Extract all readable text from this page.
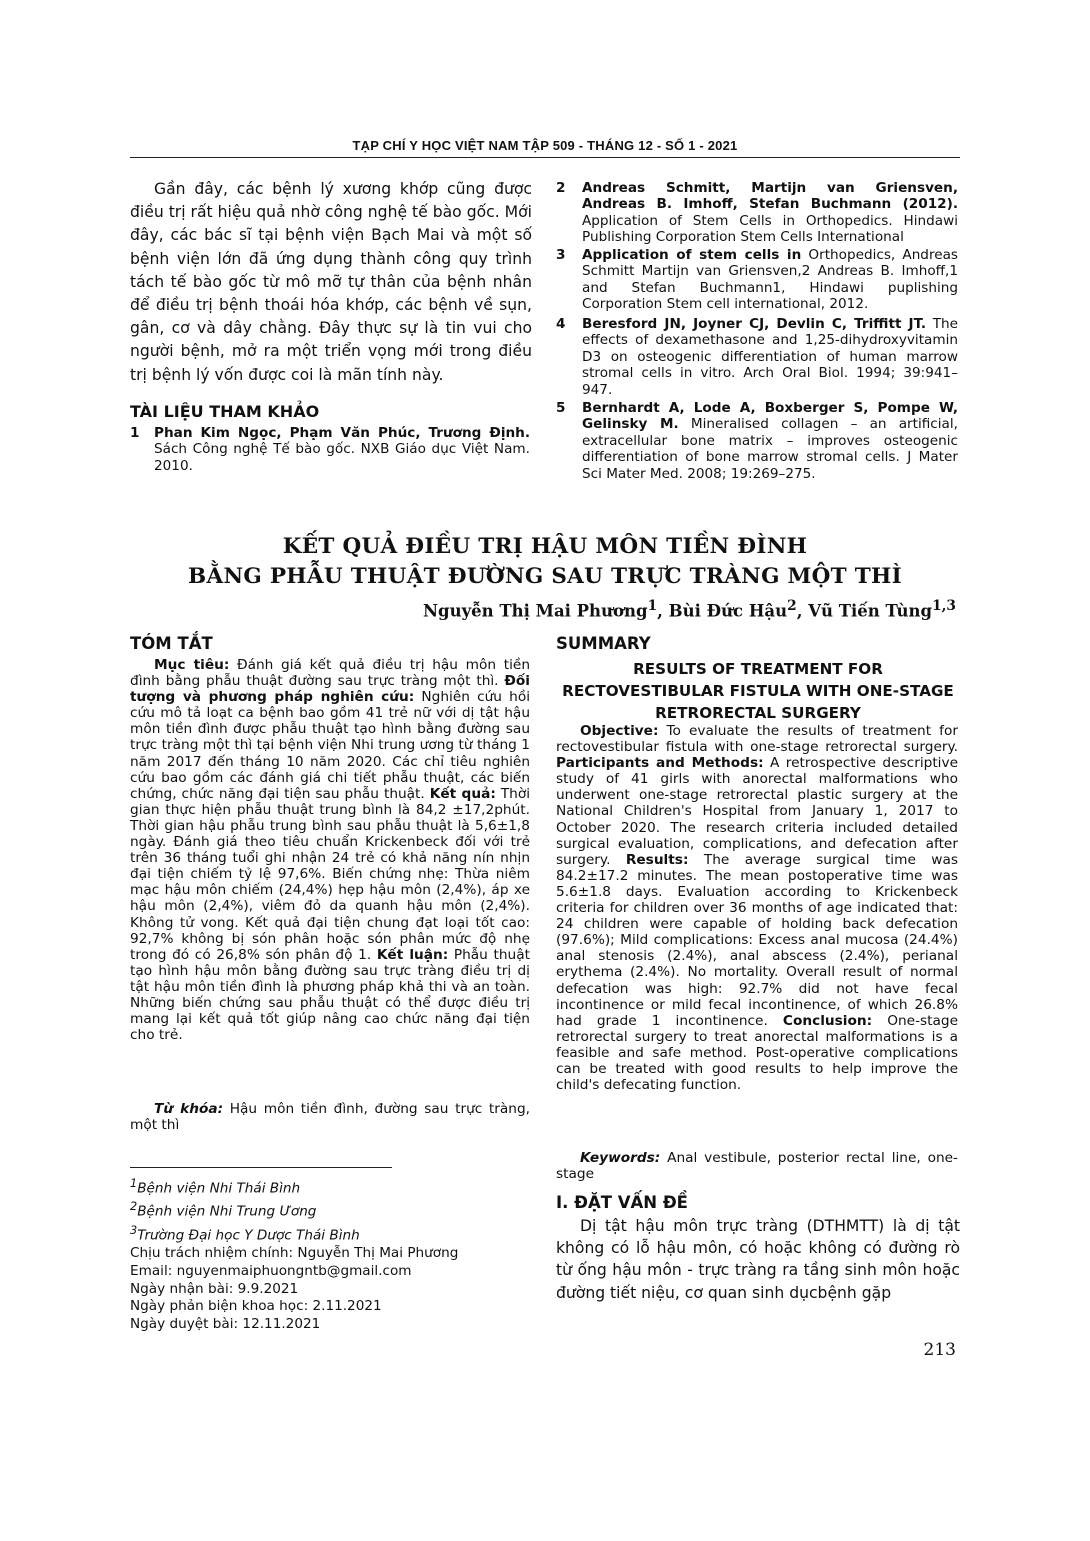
TẠP CHÍ Y HỌC VIỆT NAM TẬP 509 - THÁNG 12 - SỐ 1 - 2021

Gần đây, các bệnh lý xương khớp cũng được điều trị rất hiệu quả nhờ công nghệ tế bào gốc. Mới đây, các bác sĩ tại bệnh viện Bạch Mai và một số bệnh viện lớn đã ứng dụng thành công quy trình tách tế bào gốc từ mô mỡ tự thân của bệnh nhân để điều trị bệnh thoái hóa khớp, các bệnh về sụn, gân, cơ và dây chằng. Đây thực sự là tin vui cho người bệnh, mở ra một triển vọng mới trong điều trị bệnh lý vốn được coi là mãn tính này.

TÀI LIỆU THAM KHẢO
1 Phan Kim Ngọc, Phạm Văn Phúc, Trương Định. Sách Công nghệ Tế bào gốc. NXB Giáo dục Việt Nam. 2010.
2 Andreas Schmitt, Martijn van Griensven, Andreas B. Imhoff, Stefan Buchmann (2012). Application of Stem Cells in Orthopedics. Hindawi Publishing Corporation Stem Cells International
3 Application of stem cells in Orthopedics, Andreas Schmitt Martijn van Griensven,2 Andreas B. Imhoff,1 and Stefan Buchmann1, Hindawi puplishing Corporation Stem cell international, 2012.
4 Beresford JN, Joyner CJ, Devlin C, Triffitt JT. The effects of dexamethasone and 1,25-dihydroxyvitamin D3 on osteogenic differentiation of human marrow stromal cells in vitro. Arch Oral Biol. 1994; 39:941–947.
5 Bernhardt A, Lode A, Boxberger S, Pompe W, Gelinsky M. Mineralised collagen – an artificial, extracellular bone matrix – improves osteogenic differentiation of bone marrow stromal cells. J Mater Sci Mater Med. 2008; 19:269–275.
KẾT QUẢ ĐIỀU TRỊ HẬU MÔN TIỀN ĐÌNH
BẰNG PHẪU THUẬT ĐƯỜNG SAU TRỰC TRÀNG MỘT THÌ
Nguyễn Thị Mai Phương$^1$, Bùi Đức Hậu$^2$, Vũ Tiến Tùng$^{1,3}$
TÓM TẮT

Mục tiêu: Đánh giá kết quả điều trị hậu môn tiền đình bằng phẫu thuật đường sau trực tràng một thì. Đối tượng và phương pháp nghiên cứu: Nghiên cứu hồi cứu mô tả loạt ca bệnh bao gồm 41 trẻ nữ với dị tật hậu môn tiền đình được phẫu thuật tạo hình bằng đường sau trực tràng một thì tại bệnh viện Nhi trung ương từ tháng 1 năm 2017 đến tháng 10 năm 2020. Các chỉ tiêu nghiên cứu bao gồm các đánh giá chi tiết phẫu thuật, các biến chứng, chức năng đại tiện sau phẫu thuật. Kết quả: Thời gian thực hiện phẫu thuật trung bình là 84,2 ±17,2phút. Thời gian hậu phẫu trung bình sau phẫu thuật là 5,6±1,8 ngày. Đánh giá theo tiêu chuẩn Krickenbeck đối với trẻ trên 36 tháng tuổi ghi nhận 24 trẻ có khả năng nín nhịn đại tiện chiếm tỷ lệ 97,6%. Biến chứng nhẹ: Thừa niêm mạc hậu môn chiếm (24,4%) hẹp hậu môn (2,4%), áp xe hậu môn (2,4%), viêm đỏ da quanh hậu môn (2,4%). Không tử vong. Kết quả đại tiện chung đạt loại tốt cao: 92,7% không bị són phân hoặc són phân mức độ nhẹ trong đó có 26,8% són phân độ 1. Kết luận: Phẫu thuật tạo hình hậu môn bằng đường sau trực tràng điều trị dị tật hậu môn tiền đình là phương pháp khả thi và an toàn. Những biến chứng sau phẫu thuật có thể được điều trị mang lại kết quả tốt giúp nâng cao chức năng đại tiện cho trẻ.

Từ khóa: Hậu môn tiền đình, đường sau trực tràng, một thì

SUMMARY
RESULTS OF TREATMENT FOR RECTOVESTIBULAR FISTULA WITH ONE-STAGE RETRORECTAL SURGERY

Objective: To evaluate the results of treatment for rectovestibular fistula with one-stage retrorectal surgery. Participants and Methods: A retrospective descriptive study of 41 girls with anorectal malformations who underwent one-stage retrorectal plastic surgery at the National Children's Hospital from January 1, 2017 to October 2020. The research criteria included detailed surgical evaluation, complications, and defecation after surgery. Results: The average surgical time was 84.2±17.2 minutes. The mean postoperative time was 5.6±1.8 days. Evaluation according to Krickenbeck criteria for children over 36 months of age indicated that: 24 children were capable of holding back defecation (97.6%); Mild complications: Excess anal mucosa (24.4%) anal stenosis (2.4%), anal abscess (2.4%), perianal erythema (2.4%). No mortality. Overall result of normal defecation was high: 92.7% did not have fecal incontinence or mild fecal incontinence, of which 26.8% had grade 1 incontinence. Conclusion: One-stage retrorectal surgery to treat anorectal malformations is a feasible and safe method. Post-operative complications can be treated with good results to help improve the child's defecating function.

Keywords: Anal vestibule, posterior rectal line, one-stage

$^1$Bệnh viện Nhi Thái Bình
$^2$Bệnh viện Nhi Trung Ương
$^3$Trường Đại học Y Dược Thái Bình
Chịu trách nhiệm chính: Nguyễn Thị Mai Phương
Email: nguyenmaiphuongntb@gmail.com
Ngày nhận bài: 9.9.2021
Ngày phản biện khoa học: 2.11.2021
Ngày duyệt bài: 12.11.2021
I. ĐẶT VẤN ĐỀ

Dị tật hậu môn trực tràng (DTHMTT) là dị tật không có lỗ hậu môn, có hoặc không có đường rò từ ống hậu môn - trực tràng ra tầng sinh môn hoặc đường tiết niệu, cơ quan sinh dụcbệnh gặp

213
